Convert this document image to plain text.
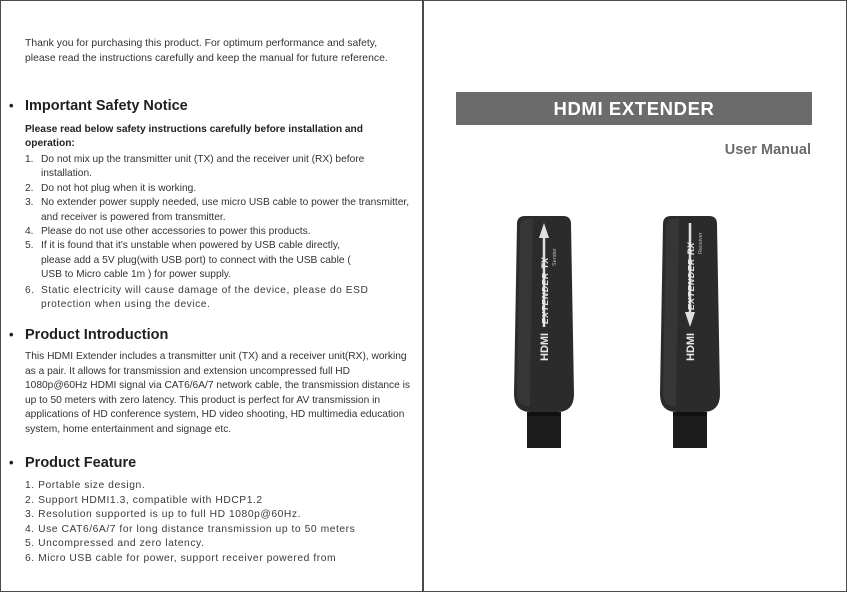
Thank you for purchasing this product. For optimum performance and safety, please read the instructions carefully and keep the manual for future reference.
• Important Safety Notice
Please read below safety instructions carefully before installation and operation:
1. Do not mix up the transmitter unit (TX) and the receiver unit (RX) before installation.
2. Do not hot plug when it is working.
3. No extender power supply needed, use micro USB cable to power the transmitter, and receiver is powered from transmitter.
4. Please do not use other accessories to power this products.
5. If it is found that it's unstable when powered by USB cable directly, please add a 5V plug(with USB port) to connect with the USB cable ( USB to Micro cable 1m ) for power supply.
6. Static electricity will cause damage of the device, please do ESD protection when using the device.
• Product Introduction
This HDMI Extender includes a transmitter unit (TX) and a receiver unit(RX), working as a pair. It allows for transmission and extension uncompressed full HD 1080p@60Hz HDMI signal via CAT6/6A/7 network cable, the transmission distance is up to 50 meters with zero latency. This product is perfect for AV transmission in applications of HD conference system, HD video shooting, HD multimedia education system, home entertainment and signage etc.
• Product Feature
1. Portable size design.
2. Support HDMI1.3, compatible with HDCP1.2
3. Resolution supported is up to full HD 1080p@60Hz.
4. Use CAT6/6A/7 for long distance transmission up to 50 meters
5. Uncompressed and zero latency.
6. Micro USB cable for power, support receiver powered from
HDMI EXTENDER
User Manual
HDMI
EXTENDER
TX Sender
HDMI
EXTENDER
RX Receiver
